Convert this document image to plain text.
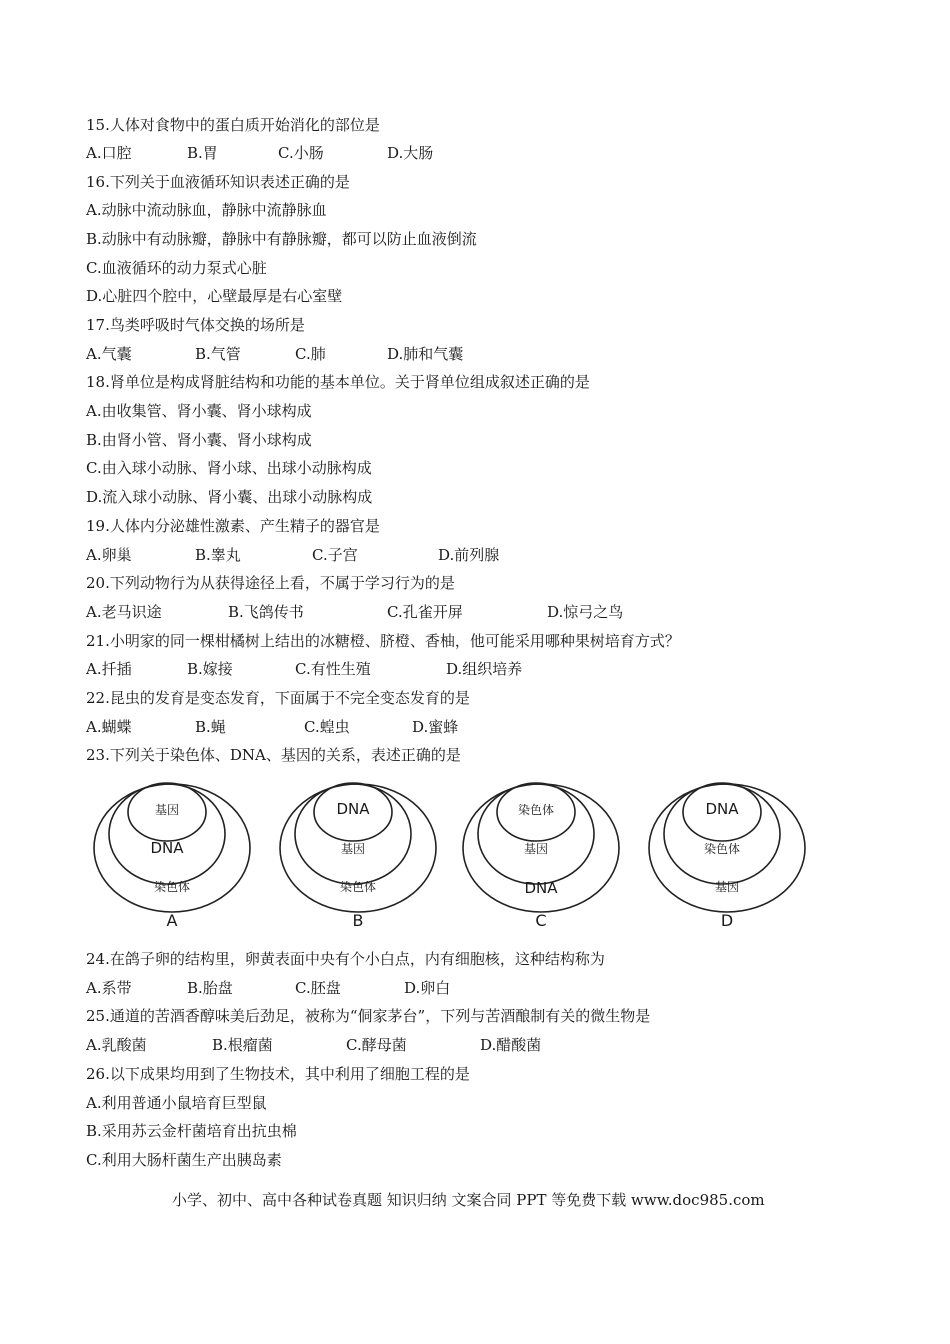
15.人体对食物中的蛋白质开始消化的部位是
A.口腔	B.胃	C.小肠	D.大肠
16.下列关于血液循环知识表述正确的是
A.动脉中流动脉血，静脉中流静脉血
B.动脉中有动脉瓣，静脉中有静脉瓣，都可以防止血液倒流
C.血液循环的动力泵式心脏
D.心脏四个腔中，心壁最厚是右心室壁
17.鸟类呼吸时气体交换的场所是
A.气囊	B.气管	C.肺	D.肺和气囊
18.肾单位是构成肾脏结构和功能的基本单位。关于肾单位组成叙述正确的是
A.由收集管、肾小囊、肾小球构成
B.由肾小管、肾小囊、肾小球构成
C.由入球小动脉、肾小球、出球小动脉构成
D.流入球小动脉、肾小囊、出球小动脉构成
19.人体内分泌雄性激素、产生精子的器官是
A.卵巢	B.睾丸	C.子宫	D.前列腺
20.下列动物行为从获得途径上看，不属于学习行为的是
A.老马识途	B.飞鸽传书	C.孔雀开屏	D.惊弓之鸟
21.小明家的同一棵柑橘树上结出的冰糖橙、脐橙、香柚，他可能采用哪种果树培育方式？
A.扦插	B.嫁接	C.有性生殖	D.组织培养
22.昆虫的发育是变态发育，下面属于不完全变态发育的是
A.蝴蝶	B.蝇	C.蝗虫	D.蜜蜂
23.下列关于染色体、DNA、基因的关系，表述正确的是
基因
DNA
染色体
A
DNA
基因
染色体
B
染色体
基因
DNA
C
DNA
染色体
基因
D
24.在鸽子卵的结构里，卵黄表面中央有个小白点，内有细胞核，这种结构称为
A.系带	B.胎盘	C.胚盘	D.卵白
25.通道的苦酒香醇味美后劲足，被称为“侗家茅台”，下列与苦酒酿制有关的微生物是
A.乳酸菌	B.根瘤菌	C.酵母菌	D.醋酸菌
26.以下成果均用到了生物技术，其中利用了细胞工程的是
A.利用普通小鼠培育巨型鼠
B.采用苏云金杆菌培育出抗虫棉
C.利用大肠杆菌生产出胰岛素
小学、初中、高中各种试卷真题 知识归纳 文案合同 PPT 等免费下载 www.doc985.com
